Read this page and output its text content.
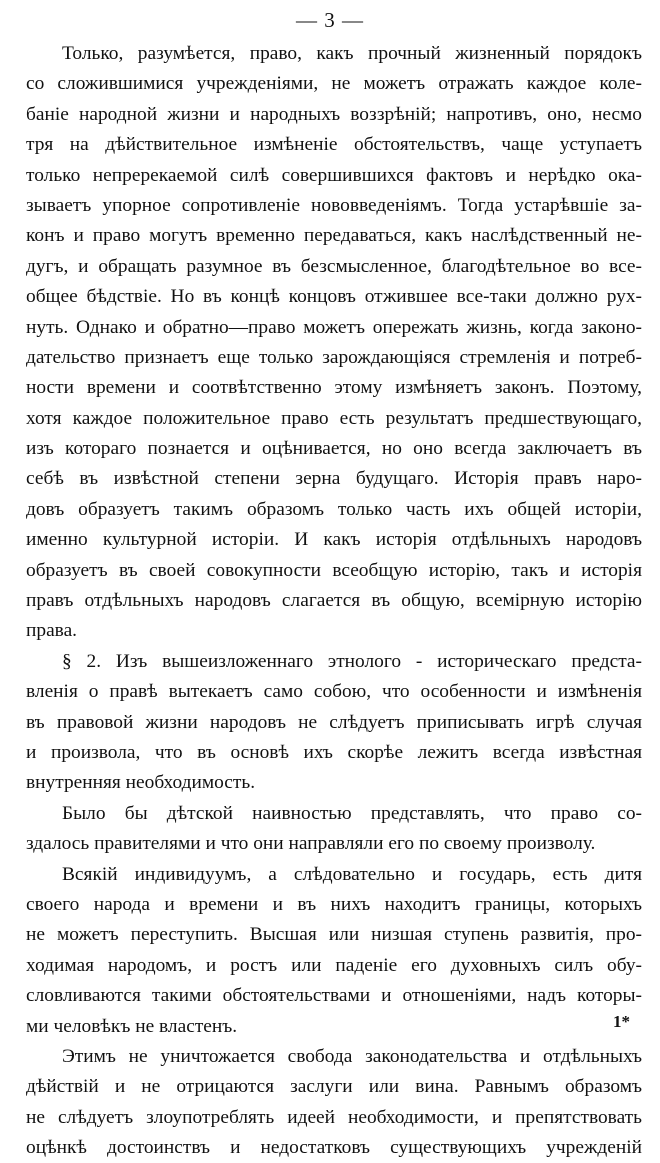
— 3 —
Только, разумѣется, право, какъ прочный жизненный порядокъ
со сложившимися учрежденiями, не можетъ отражать каждое коле-
банiе народной жизни и народныхъ воззрѣнiй; напротивъ, оно, несмо
тря на дѣйствительное измѣненiе обстоятельствъ, чаще уступаетъ
только непререкаемой силѣ совершившихся фактовъ и нерѣдко ока-
зываетъ упорное сопротивленiе нововведенiямъ. Тогда устарѣвшiе за-
конъ и право могутъ временно передаваться, какъ наслѣдственный не-
дугъ, и обращать разумное въ безсмысленное, благодѣтельное во все-
общее бѣдствiе. Но въ концѣ концовъ отжившее все-таки должно рух-
нуть. Однако и обратно—право можетъ опережать жизнь, когда законо-
дательство признаетъ еще только зарождающiяся стремленiя и потреб-
ности времени и соотвѣтственно этому измѣняетъ законъ. Поэтому,
хотя каждое положительное право есть результатъ предшествующаго,
изъ котораго познается и оцѣнивается, но оно всегда заключаетъ въ
себѣ въ извѣстной степени зерна будущаго. Исторiя правъ наро-
довъ образуетъ такимъ образомъ только часть ихъ общей исторiи,
именно культурной исторiи. И какъ исторiя отдѣльныхъ народовъ
образуетъ въ своей совокупности всеобщую исторiю, такъ и исторiя
правъ отдѣльныхъ народовъ слагается въ общую, всемiрную исторiю
права.
§ 2. Изъ вышеизложеннаго этнолого - историческаго предста-
вленiя о правѣ вытекаетъ само собою, что особенности и измѣненiя
въ правовой жизни народовъ не слѣдуетъ приписывать игрѣ случая
и произвола, что въ основѣ ихъ скорѣе лежитъ всегда извѣстная
внутренняя необходимость.
Было бы дѣтской наивностью представлять, что право со-
здалось правителями и что они направляли его по своему произволу.
Всякiй индивидуумъ, а слѣдовательно и государь, есть дитя
своего народа и времени и въ нихъ находитъ границы, которыхъ
не можетъ переступить. Высшая или низшая ступень развитiя, про-
ходимая народомъ, и ростъ или паденiе его духовныхъ силъ обу-
словливаются такими обстоятельствами и отношенiями, надъ которы-
ми человѣкъ не властенъ.
Этимъ не уничтожается свобода законодательства и отдѣльныхъ
дѣйствiй и не отрицаются заслуги или вина. Равнымъ образомъ
не слѣдуетъ злоупотреблять идеей необходимости, и препятствовать
оцѣнкѣ достоинствъ и недостатковъ существующихъ учрежденiй
1*
